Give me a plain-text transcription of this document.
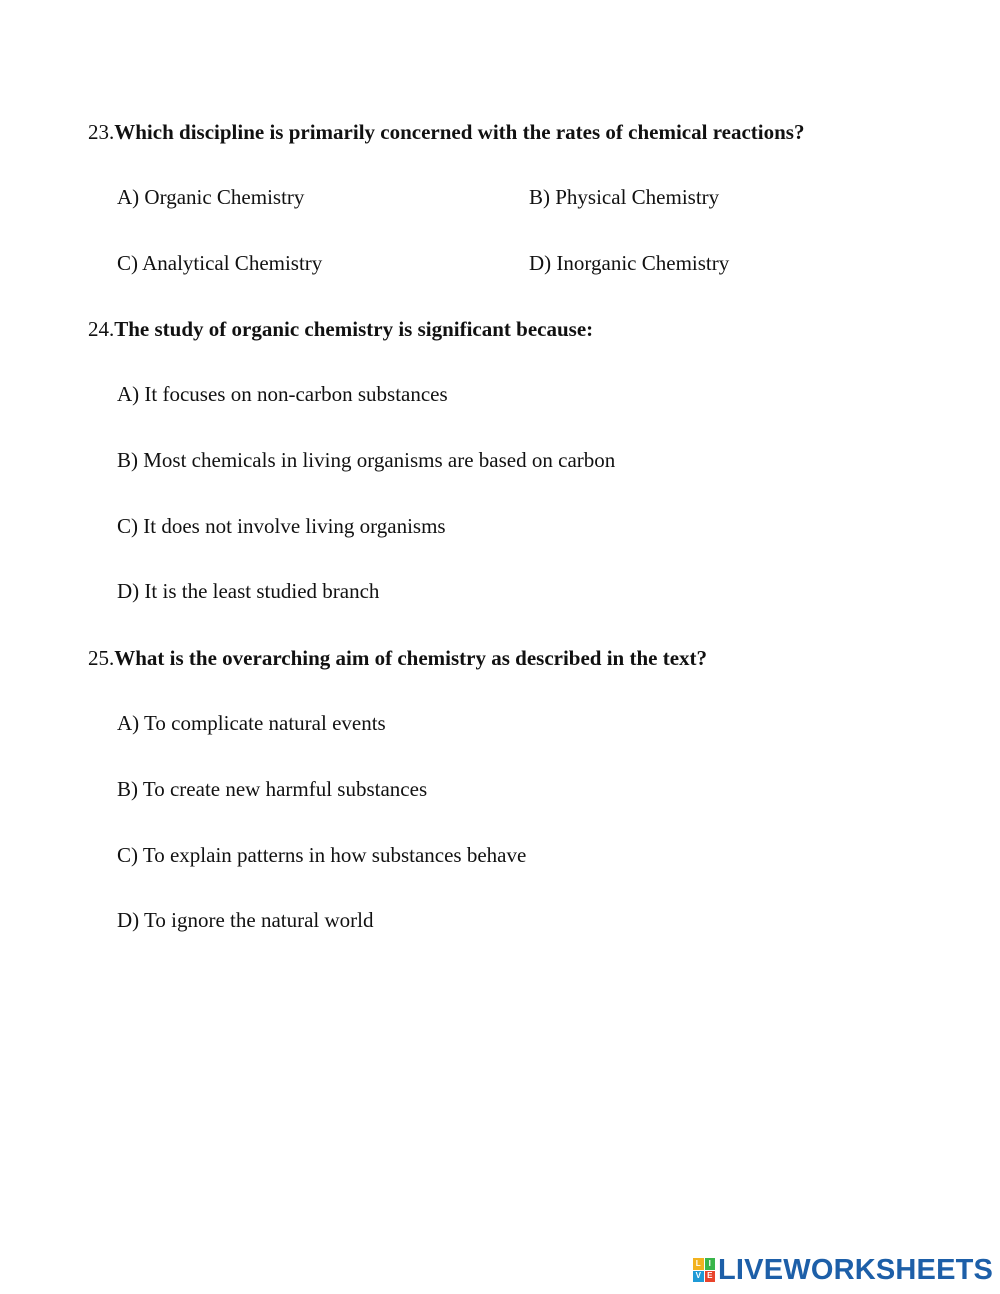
23.Which discipline is primarily concerned with the rates of chemical reactions?
A) Organic Chemistry	B) Physical Chemistry
C) Analytical Chemistry	D) Inorganic Chemistry
24.The study of organic chemistry is significant because:
A) It focuses on non-carbon substances
B) Most chemicals in living organisms are based on carbon
C) It does not involve living organisms
D) It is the least studied branch
25.What is the overarching aim of chemistry as described in the text?
A) To complicate natural events
B) To create new harmful substances
C) To explain patterns in how substances behave
D) To ignore the natural world
L I
V E LIVEWORKSHEETS
